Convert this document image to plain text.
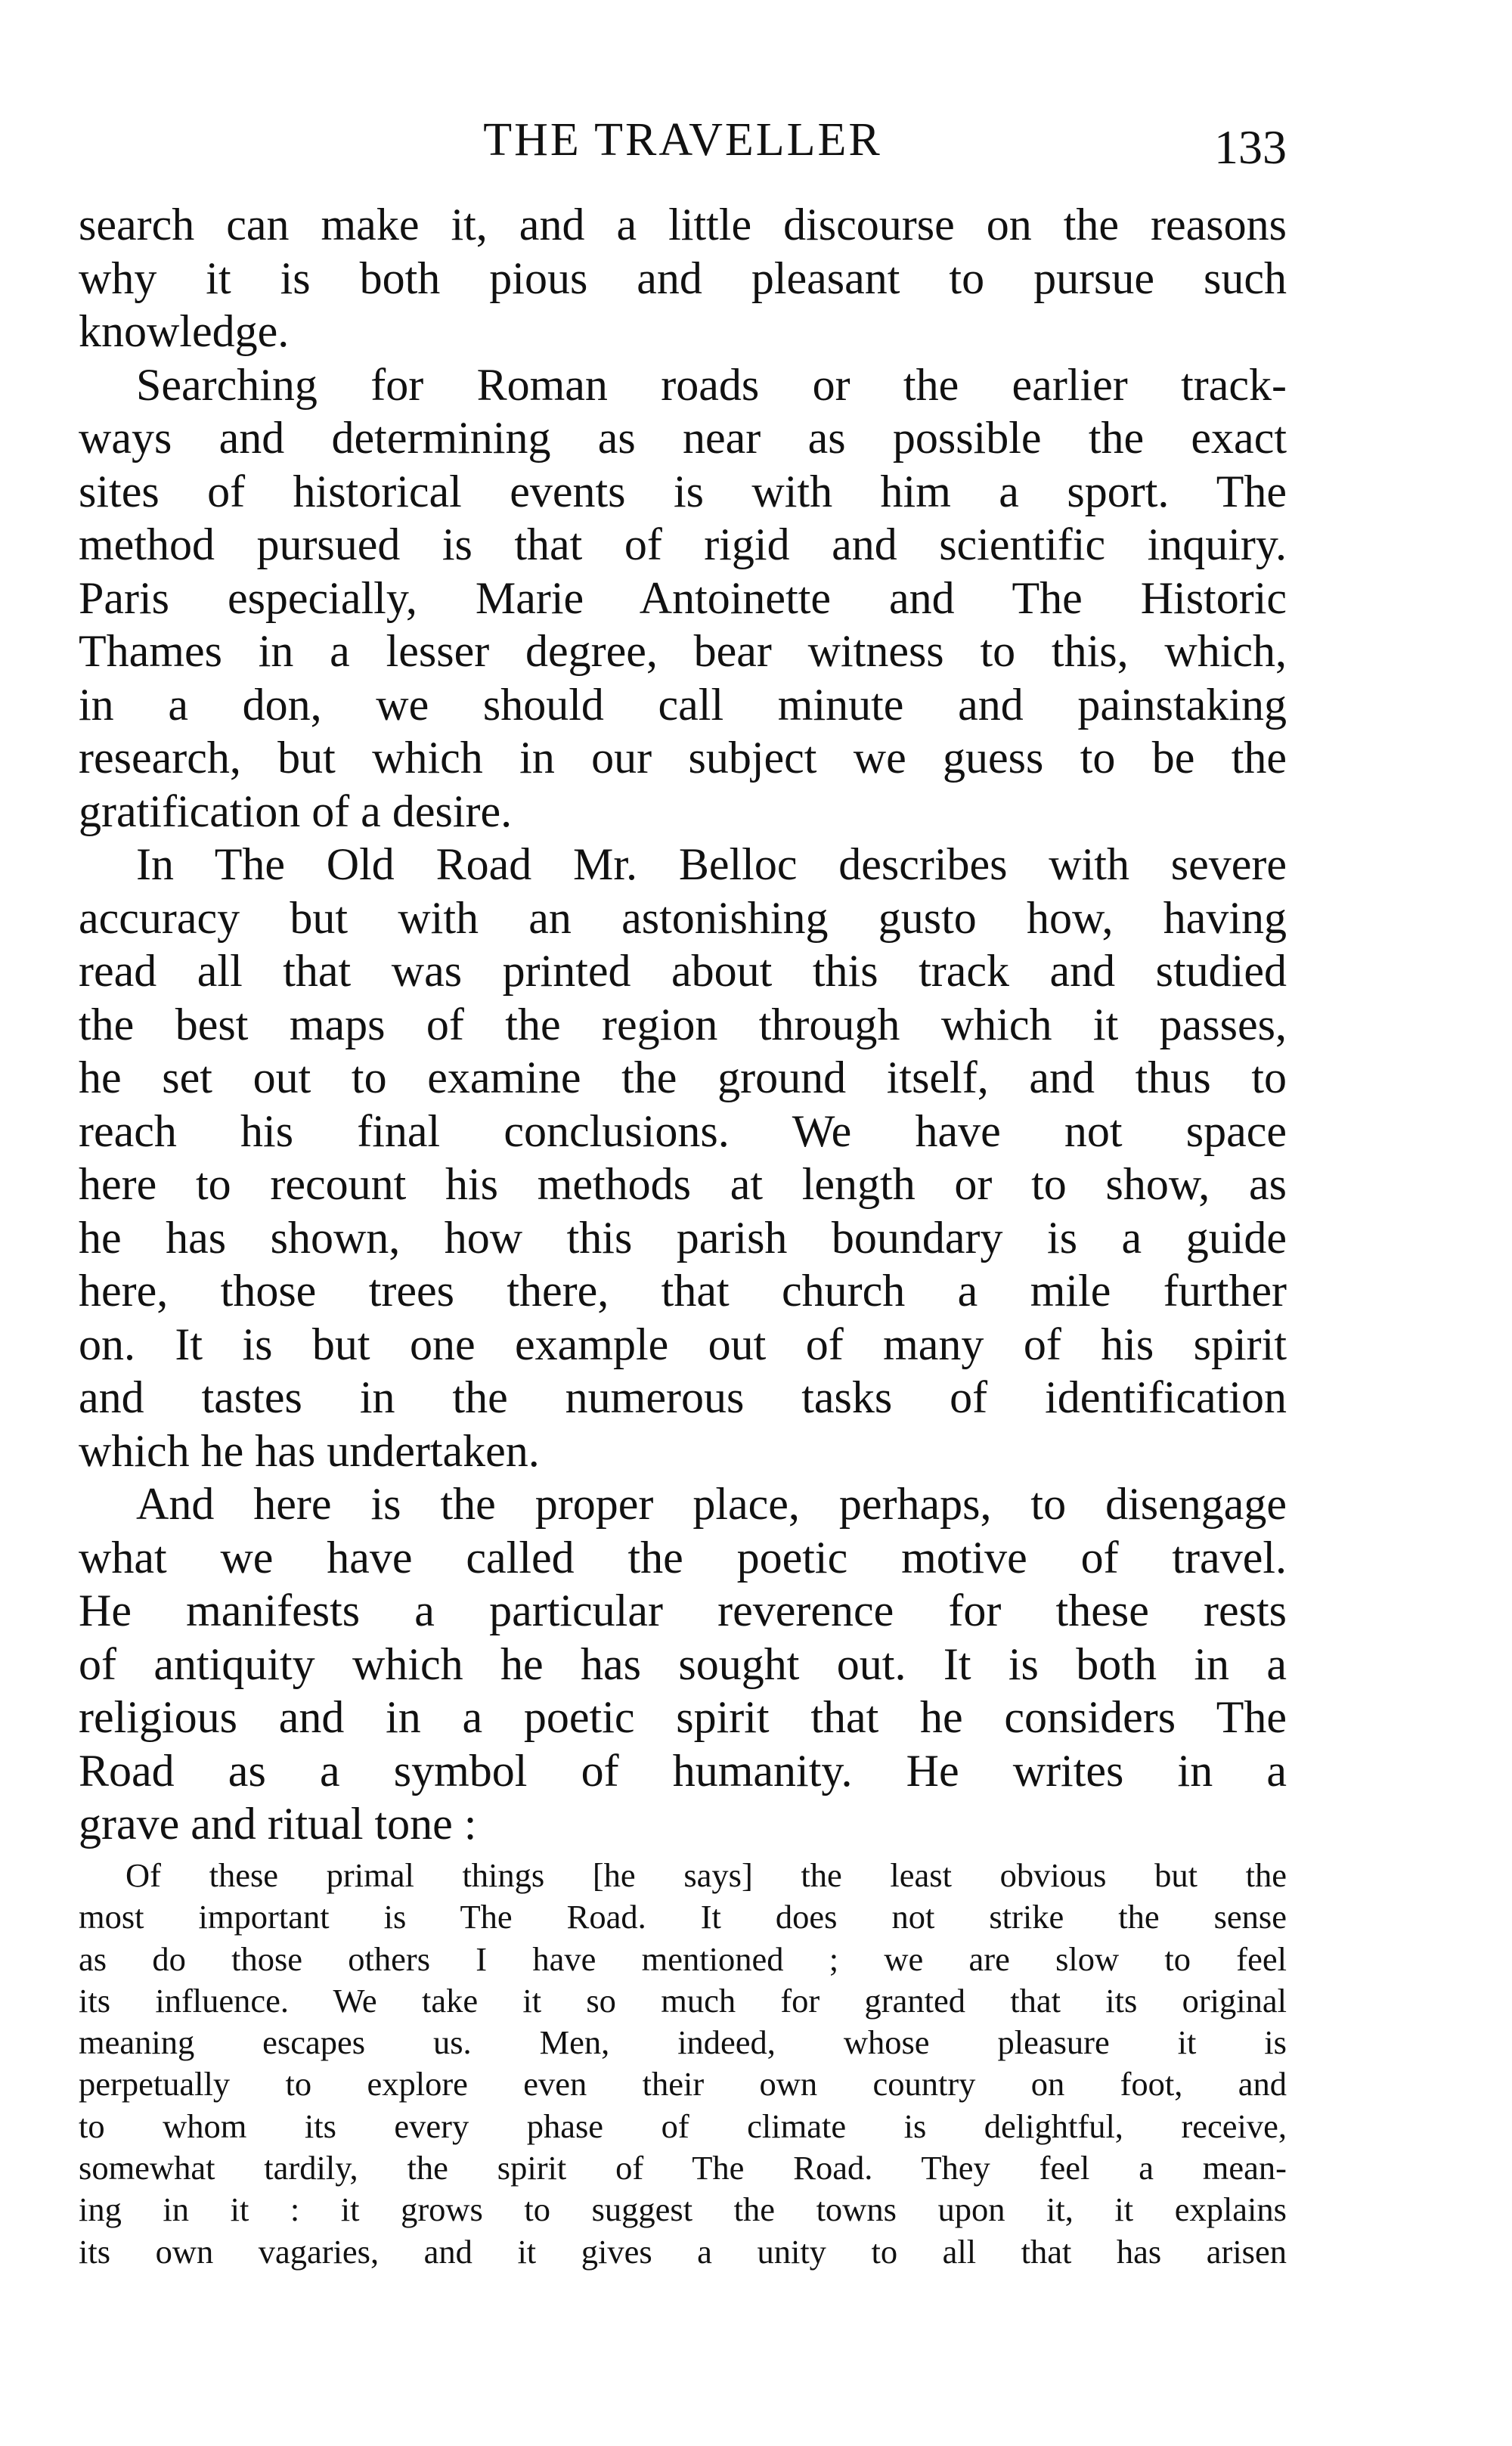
THE TRAVELLER	133
search can make it, and a little discourse on the reasons
why it is both pious and pleasant to pursue such
knowledge.
Searching for Roman roads or the earlier track-
ways and determining as near as possible the exact
sites of historical events is with him a sport. The
method pursued is that of rigid and scientific inquiry.
Paris especially, Marie Antoinette and The Historic
Thames in a lesser degree, bear witness to this, which,
in a don, we should call minute and painstaking
research, but which in our subject we guess to be the
gratification of a desire.
In The Old Road Mr. Belloc describes with severe
accuracy but with an astonishing gusto how, having
read all that was printed about this track and studied
the best maps of the region through which it passes,
he set out to examine the ground itself, and thus to
reach his final conclusions. We have not space
here to recount his methods at length or to show, as
he has shown, how this parish boundary is a guide
here, those trees there, that church a mile further
on. It is but one example out of many of his spirit
and tastes in the numerous tasks of identification
which he has undertaken.
And here is the proper place, perhaps, to disengage
what we have called the poetic motive of travel.
He manifests a particular reverence for these rests
of antiquity which he has sought out. It is both in a
religious and in a poetic spirit that he considers The
Road as a symbol of humanity. He writes in a
grave and ritual tone :
Of these primal things [he says] the least obvious but the
most important is The Road. It does not strike the sense
as do those others I have mentioned ; we are slow to feel
its influence. We take it so much for granted that its original
meaning escapes us. Men, indeed, whose pleasure it is
perpetually to explore even their own country on foot, and
to whom its every phase of climate is delightful, receive,
somewhat tardily, the spirit of The Road. They feel a mean-
ing in it : it grows to suggest the towns upon it, it explains
its own vagaries, and it gives a unity to all that has arisen
